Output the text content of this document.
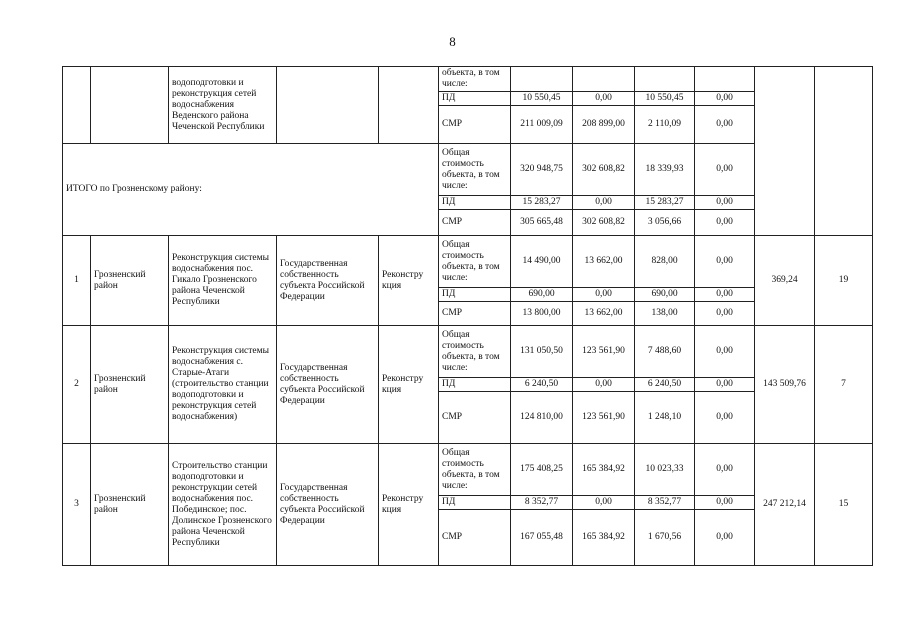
8
		водоподготовки и реконструкция сетей водоснабжения Веденского района Чеченской Республики			объекта, в том числе:						
					ПД	10 550,45	0,00	10 550,45	0,00		
					СМР	211 009,09	208 899,00	2 110,09	0,00		
ИТОГО по Грозненскому району:					Общая стоимость объекта, в том числе:	320 948,75	302 608,82	18 339,93	0,00		
					ПД	15 283,27	0,00	15 283,27	0,00		
					СМР	305 665,48	302 608,82	3 056,66	0,00		
1	Грозненский район	Реконструкция системы водоснабжения пос. Гикало Грозненского района Чеченской Республики	Государственная собственность субъекта Российской Федерации	Реконстру кция	Общая стоимость объекта, в том числе:	14 490,00	13 662,00	828,00	0,00	369,24	19
					ПД	690,00	0,00	690,00	0,00		
					СМР	13 800,00	13 662,00	138,00	0,00		
2	Грозненский район	Реконструкция системы водоснабжения с. Старые-Атаги (строительство станции водоподготовки и реконструкция сетей водоснабжения)	Государственная собственность субъекта Российской Федерации	Реконстру кция	Общая стоимость объекта, в том числе:	131 050,50	123 561,90	7 488,60	0,00	143 509,76	7
					ПД	6 240,50	0,00	6 240,50	0,00		
					СМР	124 810,00	123 561,90	1 248,10	0,00		
3	Грозненский район	Строительство станции водоподготовки и реконструкции сетей водоснабжения пос. Побединское; пос. Долинское Грозненского района Чеченской Республики	Государственная собственность субъекта Российской Федерации	Реконстру кция	Общая стоимость объекта, в том числе:	175 408,25	165 384,92	10 023,33	0,00	247 212,14	15
					ПД	8 352,77	0,00	8 352,77	0,00		
					СМР	167 055,48	165 384,92	1 670,56	0,00		
